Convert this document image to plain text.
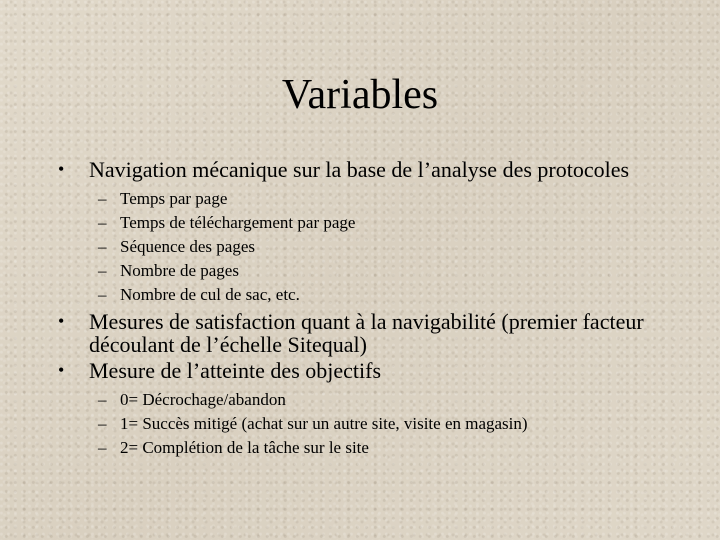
Variables
• Navigation mécanique sur la base de l’analyse des protocoles
– Temps par page
– Temps de téléchargement par page
– Séquence des pages
– Nombre de pages
– Nombre de cul de sac, etc.
• Mesures de satisfaction quant à la navigabilité (premier facteur découlant de l’échelle Sitequal)
• Mesure de l’atteinte des objectifs
– 0= Décrochage/abandon
– 1= Succès mitigé (achat sur un autre site, visite en magasin)
– 2= Complétion de la tâche sur le site
